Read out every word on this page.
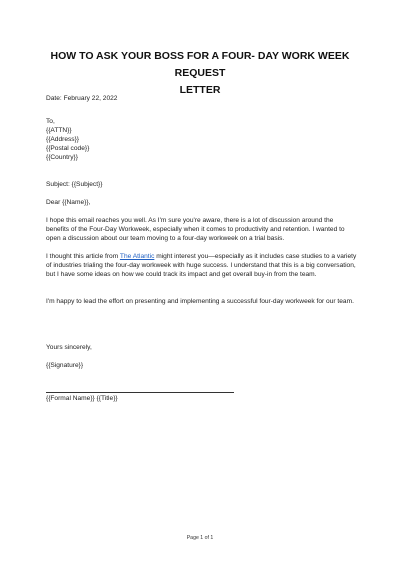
HOW TO ASK YOUR BOSS FOR A FOUR- DAY WORK WEEK REQUEST
LETTER
Date: February 22, 2022
To,
{{ATTN}}
{{Address}}
{{Postal code}}
{{Country}}
Subject: {{Subject}}
Dear {{Name}},
I hope this email reaches you well. As I'm sure you're aware, there is a lot of discussion around the benefits of the Four-Day Workweek, especially when it comes to productivity and retention. I wanted to open a discussion about our team moving to a four-day workweek on a trial basis.
I thought this article from The Atlantic might interest you—especially as it includes case studies to a variety of industries trialing the four-day workweek with huge success. I understand that this is a big conversation, but I have some ideas on how we could track its impact and get overall buy-in from the team.
I'm happy to lead the effort on presenting and implementing a successful four-day workweek for our team.
Yours sincerely,
{{Signature}}
{{Formal Name}} {{Title}}
Page 1 of 1
